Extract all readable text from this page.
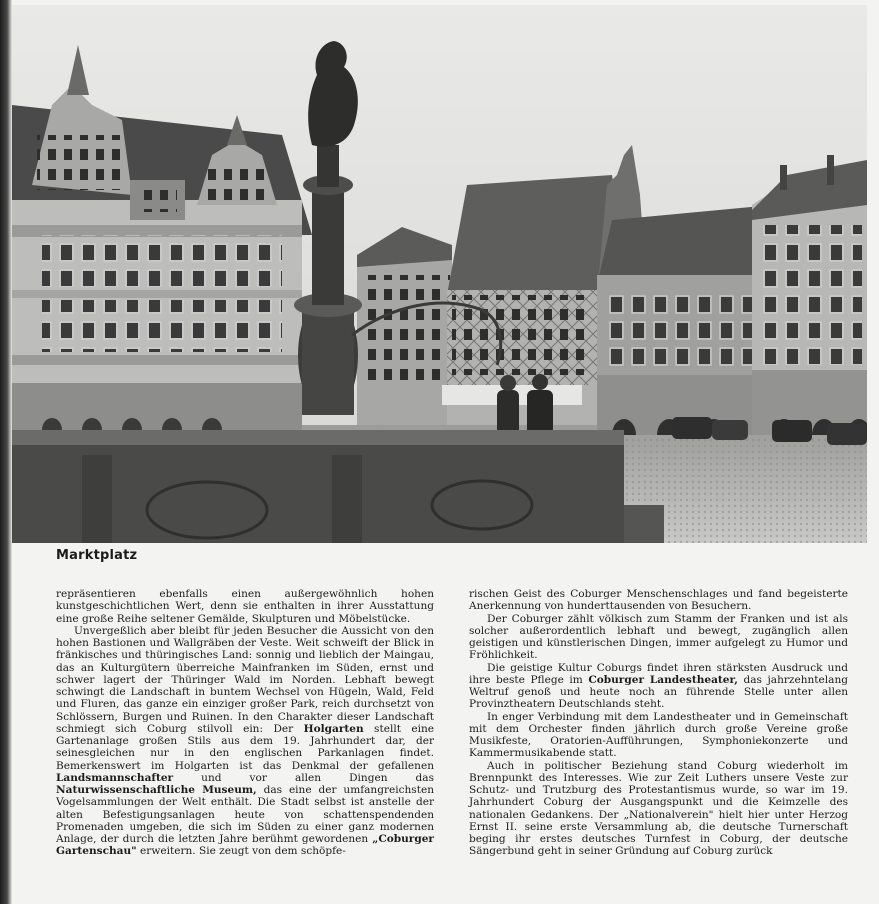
Marktplatz

repräsentieren ebenfalls einen außergewöhnlich hohen kunstgeschichtlichen Wert, denn sie enthalten in ihrer Ausstattung eine große Reihe seltener Gemälde, Skulpturen und Möbelstücke.

Unvergeßlich aber bleibt für jeden Besucher die Aussicht von den hohen Bastionen und Wallgräben der Veste. Weit schweift der Blick in fränkisches und thüringisches Land: sonnig und lieblich der Maingau, das an Kulturgütern überreiche Mainfranken im Süden, ernst und schwer lagert der Thüringer Wald im Norden. Lebhaft bewegt schwingt die Landschaft in buntem Wechsel von Hügeln, Wald, Feld und Fluren, das ganze ein einziger großer Park, reich durchsetzt von Schlössern, Burgen und Ruinen. In den Charakter dieser Landschaft schmiegt sich Coburg stilvoll ein: Der Holgarten stellt eine Gartenanlage großen Stils aus dem 19. Jahrhundert dar, der seinesgleichen nur in den englischen Parkanlagen findet. Bemerkenswert im Holgarten ist das Denkmal der gefallenen Landsmannschafter und vor allen Dingen das Naturwissenschaftliche Museum, das eine der umfangreichsten Vogelsammlungen der Welt enthält. Die Stadt selbst ist anstelle der alten Befestigungsanlagen heute von schattenspendenden Promenaden umgeben, die sich im Süden zu einer ganz modernen Anlage, der durch die letzten Jahre berühmt gewordenen „Coburger Gartenschau" erweitern. Sie zeugt von dem schöpfe-

rischen Geist des Coburger Menschenschlages und fand begeisterte Anerkennung von hunderttausenden von Besuchern.

Der Coburger zählt völkisch zum Stamm der Franken und ist als solcher außerordentlich lebhaft und bewegt, zugänglich allen geistigen und künstlerischen Dingen, immer aufgelegt zu Humor und Fröhlichkeit.

Die geistige Kultur Coburgs findet ihren stärksten Ausdruck und ihre beste Pflege im Coburger Landestheater, das jahrzehntelang Weltruf genoß und heute noch an führende Stelle unter allen Provinztheatern Deutschlands steht.

In enger Verbindung mit dem Landestheater und in Gemeinschaft mit dem Orchester finden jährlich durch große Vereine große Musikfeste, Oratorien-Aufführungen, Symphoniekonzerte und Kammermusikabende statt.

Auch in politischer Beziehung stand Coburg wiederholt im Brennpunkt des Interesses. Wie zur Zeit Luthers unsere Veste zur Schutz- und Trutzburg des Protestantismus wurde, so war im 19. Jahrhundert Coburg der Ausgangspunkt und die Keimzelle des nationalen Gedankens. Der „Nationalverein" hielt hier unter Herzog Ernst II. seine erste Versammlung ab, die deutsche Turnerschaft beging ihr erstes deutsches Turnfest in Coburg, der deutsche Sängerbund geht in seiner Gründung auf Coburg zurück
